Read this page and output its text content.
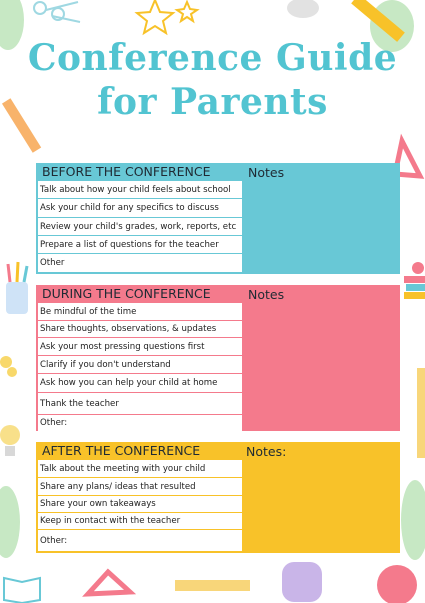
Conference Guide
for Parents
BEFORE THE CONFERENCE	Notes
Talk about how your child feels about school
Ask your child for any specifics to discuss
Review your child's grades, work, reports, etc
Prepare a list of questions for the teacher
Other
DURING THE CONFERENCE	Notes
Be mindful of the time
Share thoughts, observations, & updates
Ask your most pressing questions first
Clarify if you don't understand
Ask how you can help your child at home
Thank the teacher
Other:
AFTER THE CONFERENCE	Notes:
Talk about the meeting with your child
Share any plans/ ideas that resulted
Share your own takeaways
Keep in contact with the teacher
Other:
